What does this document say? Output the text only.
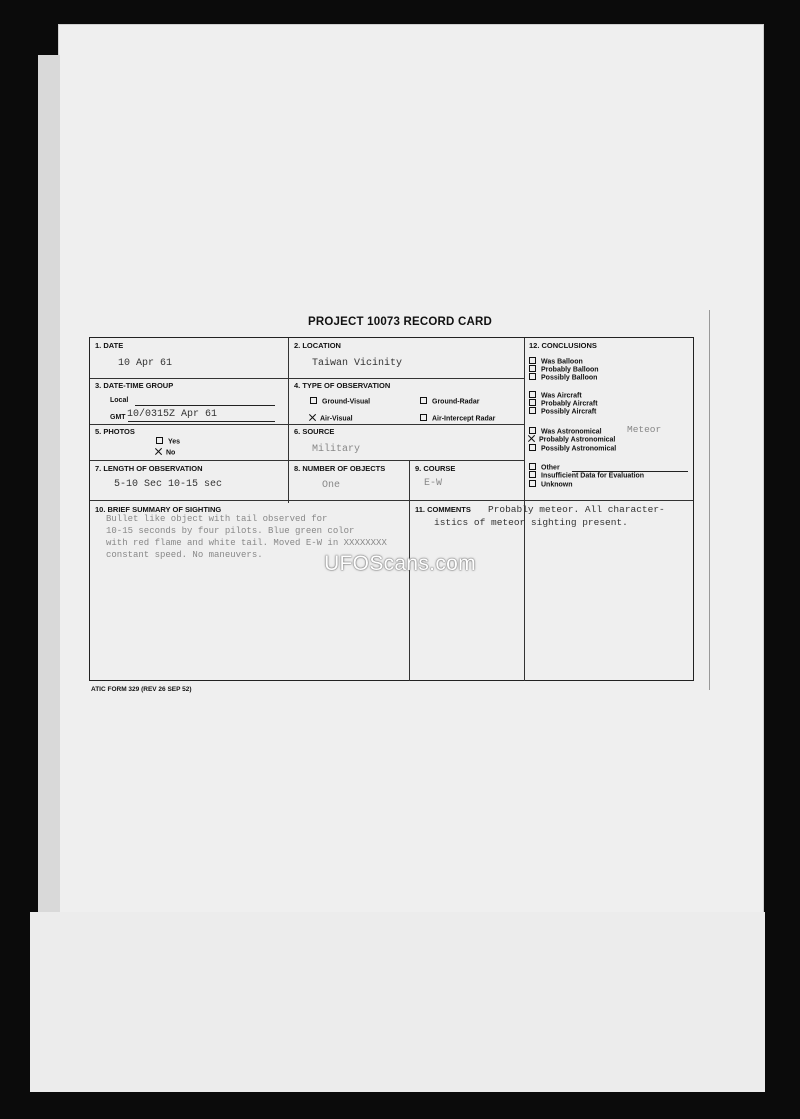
PROJECT 10073 RECORD CARD
1. DATE
10 Apr 61
2. LOCATION
Taiwan Vicinity
3. DATE-TIME GROUP
Local
GMT 10/0315Z Apr 61
4. TYPE OF OBSERVATION
Ground-Visual	Ground-Radar
Air-Visual	Air-Intercept Radar
5. PHOTOS
Yes
No
6. SOURCE
Military
7. LENGTH OF OBSERVATION
5-10 Sec 10-15 sec
8. NUMBER OF OBJECTS
One
9. COURSE
E-W
10. BRIEF SUMMARY OF SIGHTING
Bullet like object with tail observed for
10-15 seconds by four pilots. Blue green color
with red flame and white tail. Moved E-W in XXXXXXXX
constant speed. No maneuvers.
11. COMMENTS Probably meteor. All character-
istics of meteor sighting present.
12. CONCLUSIONS
Was Balloon
Probably Balloon
Possibly Balloon
Was Aircraft
Probably Aircraft
Possibly Aircraft
Was Astronomical	Meteor
Probably Astronomical
Possibly Astronomical
Other
Insufficient Data for Evaluation
Unknown
UFOScans.com
ATIC FORM 329 (REV 26 SEP 52)
